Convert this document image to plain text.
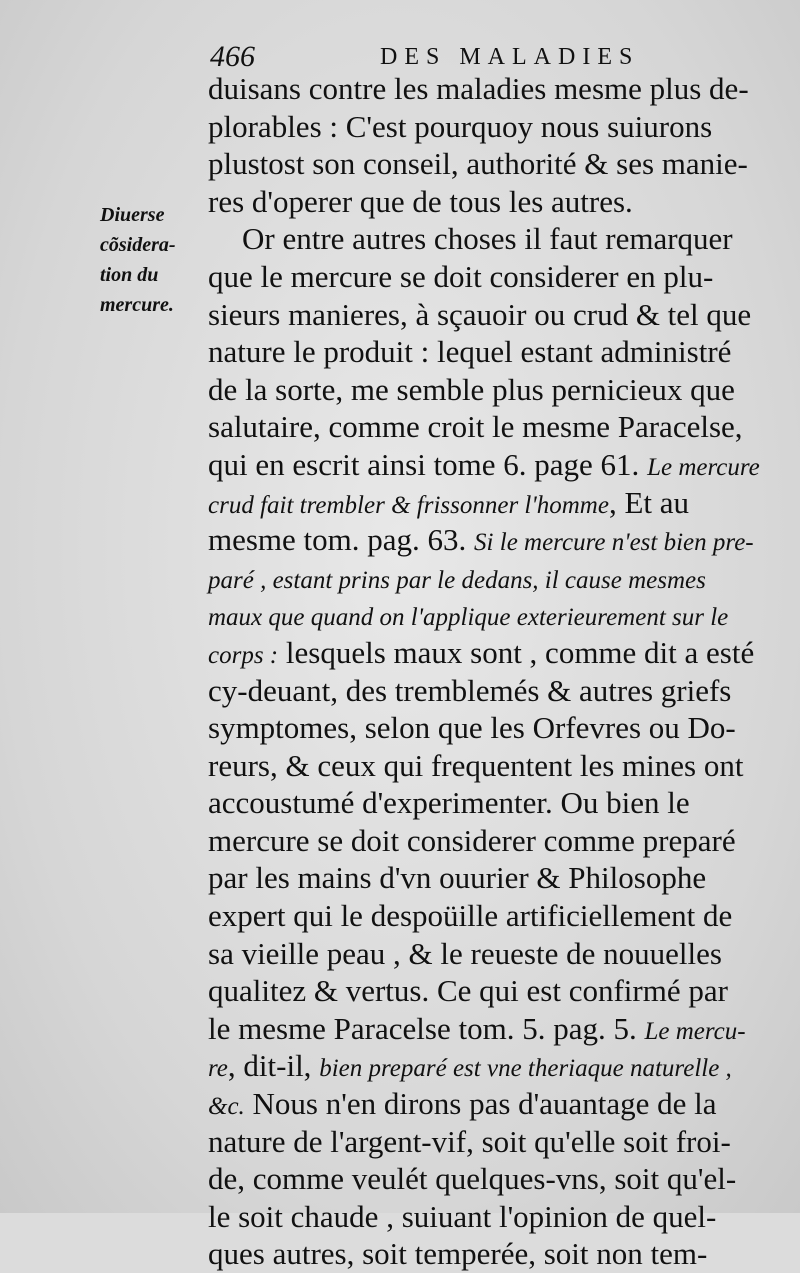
466	DES MALADIES
Diuerse
cõsidera-
tion du
mercure.
duisans contre les maladies mesme plus de-
plorables : C'est pourquoy nous suiurons
plustost son conseil, authorité & ses manie-
res d'operer que de tous les autres.
Or entre autres choses il faut remarquer
que le mercure se doit considerer en plu-
sieurs manieres, à sçauoir ou crud & tel que
nature le produit : lequel estant administré
de la sorte, me semble plus pernicieux que
salutaire, comme croit le mesme Paracelse,
qui en escrit ainsi tome 6. page 61. Le mercure
crud fait trembler & frissonner l'homme, Et au
mesme tom. pag. 63. Si le mercure n'est bien pre-
paré , estant prins par le dedans, il cause mesmes
maux que quand on l'applique exterieurement sur le
corps : lesquels maux sont , comme dit a esté
cy-deuant, des tremblemés & autres griefs
symptomes, selon que les Orfevres ou Do-
reurs, & ceux qui frequentent les mines ont
accoustumé d'experimenter. Ou bien le
mercure se doit considerer comme preparé
par les mains d'vn ouurier & Philosophe
expert qui le despoüille artificiellement de
sa vieille peau , & le reueste de nouuelles
qualitez & vertus. Ce qui est confirmé par
le mesme Paracelse tom. 5. pag. 5. Le mercu-
re, dit-il, bien preparé est vne theriaque naturelle ,
&c. Nous n'en dirons pas d'auantage de la
nature de l'argent-vif, soit qu'elle soit froi-
de, comme veulét quelques-vns, soit qu'el-
le soit chaude , suiuant l'opinion de quel-
ques autres, soit temperée, soit non tem-
